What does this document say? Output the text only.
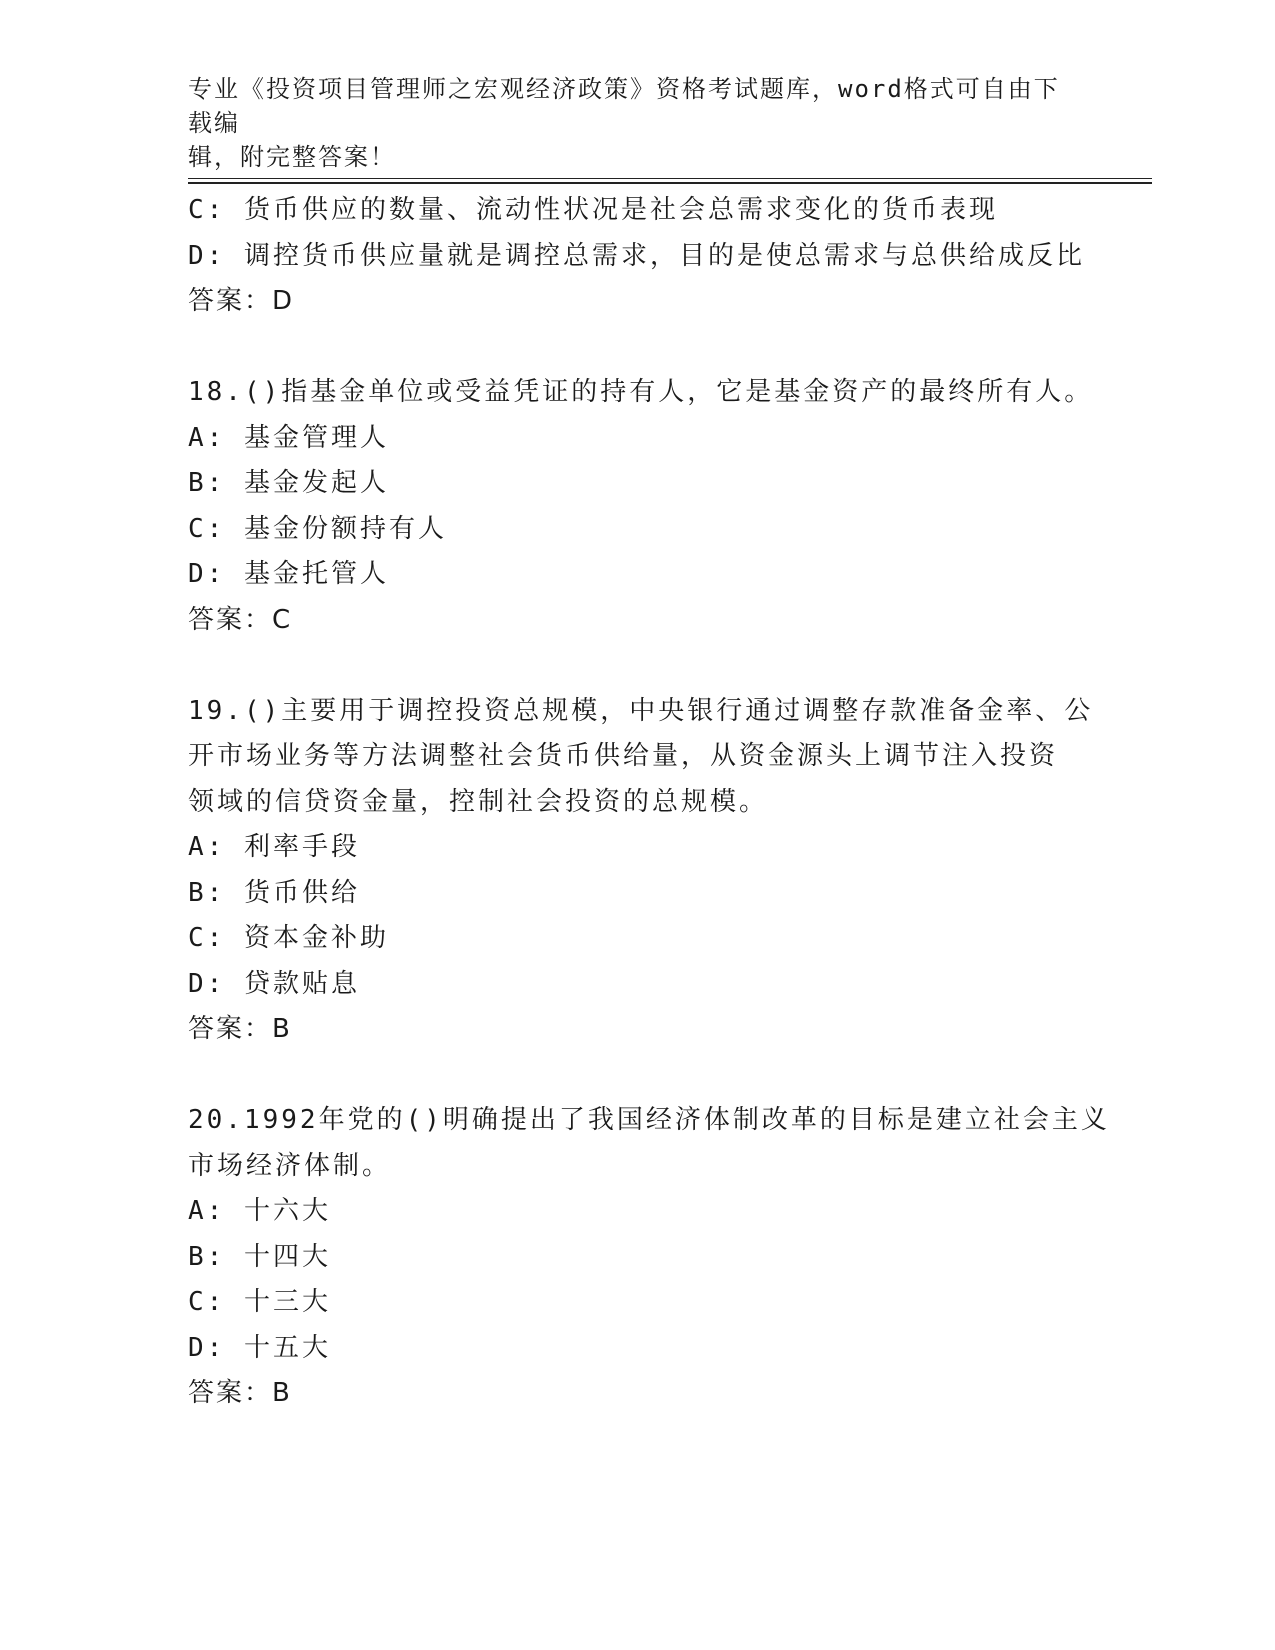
专业《投资项目管理师之宏观经济政策》资格考试题库，word格式可自由下载编
辑，附完整答案！
C: 货币供应的数量、流动性状况是社会总需求变化的货币表现
D: 调控货币供应量就是调控总需求，目的是使总需求与总供给成反比
答案：D
18.()指基金单位或受益凭证的持有人，它是基金资产的最终所有人。
A: 基金管理人
B: 基金发起人
C: 基金份额持有人
D: 基金托管人
答案：C
19.()主要用于调控投资总规模，中央银行通过调整存款准备金率、公
开市场业务等方法调整社会货币供给量，从资金源头上调节注入投资
领域的信贷资金量，控制社会投资的总规模。
A: 利率手段
B: 货币供给
C: 资本金补助
D: 贷款贴息
答案：B
20.1992年党的()明确提出了我国经济体制改革的目标是建立社会主义
市场经济体制。
A: 十六大
B: 十四大
C: 十三大
D: 十五大
答案：B
